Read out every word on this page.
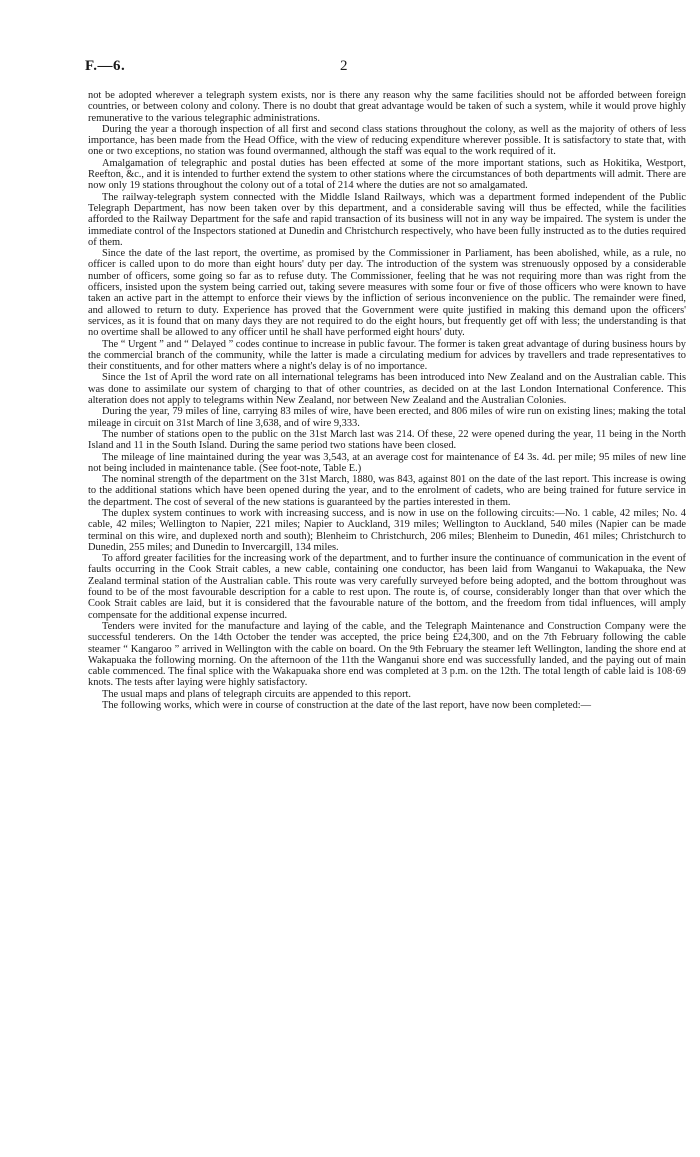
F.—6.	2

not be adopted wherever a telegraph system exists, nor is there any reason why the same facilities should not be afforded between foreign countries, or between colony and colony. There is no doubt that great advantage would be taken of such a system, while it would prove highly remunerative to the various telegraphic administrations.

During the year a thorough inspection of all first and second class stations throughout the colony, as well as the majority of others of less importance, has been made from the Head Office, with the view of reducing expenditure wherever possible. It is satisfactory to state that, with one or two exceptions, no station was found overmanned, although the staff was equal to the work required of it.

Amalgamation of telegraphic and postal duties has been effected at some of the more important stations, such as Hokitika, Westport, Reefton, &c., and it is intended to further extend the system to other stations where the circumstances of both departments will admit. There are now only 19 stations throughout the colony out of a total of 214 where the duties are not so amalgamated.

The railway-telegraph system connected with the Middle Island Railways, which was a department formed independent of the Public Telegraph Department, has now been taken over by this department, and a considerable saving will thus be effected, while the facilities afforded to the Railway Department for the safe and rapid transaction of its business will not in any way be impaired. The system is under the immediate control of the Inspectors stationed at Dunedin and Christchurch respectively, who have been fully instructed as to the duties required of them.

Since the date of the last report, the overtime, as promised by the Commissioner in Parliament, has been abolished, while, as a rule, no officer is called upon to do more than eight hours' duty per day. The introduction of the system was strenuously opposed by a considerable number of officers, some going so far as to refuse duty. The Commissioner, feeling that he was not requiring more than was right from the officers, insisted upon the system being carried out, taking severe measures with some four or five of those officers who were known to have taken an active part in the attempt to enforce their views by the infliction of serious inconvenience on the public. The remainder were fined, and allowed to return to duty. Experience has proved that the Government were quite justified in making this demand upon the officers' services, as it is found that on many days they are not required to do the eight hours, but frequently get off with less; the understanding is that no overtime shall be allowed to any officer until he shall have performed eight hours' duty.

The “ Urgent ” and “ Delayed ” codes continue to increase in public favour. The former is taken great advantage of during business hours by the commercial branch of the community, while the latter is made a circulating medium for advices by travellers and trade representatives to their constituents, and for other matters where a night's delay is of no importance.

Since the 1st of April the word rate on all international telegrams has been introduced into New Zealand and on the Australian cable. This was done to assimilate our system of charging to that of other countries, as decided on at the last London International Conference. This alteration does not apply to telegrams within New Zealand, nor between New Zealand and the Australian Colonies.

During the year, 79 miles of line, carrying 83 miles of wire, have been erected, and 806 miles of wire run on existing lines; making the total mileage in circuit on 31st March of line 3,638, and of wire 9,333.

The number of stations open to the public on the 31st March last was 214. Of these, 22 were opened during the year, 11 being in the North Island and 11 in the South Island. During the same period two stations have been closed.

The mileage of line maintained during the year was 3,543, at an average cost for maintenance of £4 3s. 4d. per mile; 95 miles of new line not being included in maintenance table. (See foot-note, Table E.)

The nominal strength of the department on the 31st March, 1880, was 843, against 801 on the date of the last report. This increase is owing to the additional stations which have been opened during the year, and to the enrolment of cadets, who are being trained for future service in the department. The cost of several of the new stations is guaranteed by the parties interested in them.

The duplex system continues to work with increasing success, and is now in use on the following circuits:—No. 1 cable, 42 miles; No. 4 cable, 42 miles; Wellington to Napier, 221 miles; Napier to Auckland, 319 miles; Wellington to Auckland, 540 miles (Napier can be made terminal on this wire, and duplexed north and south); Blenheim to Christchurch, 206 miles; Blenheim to Dunedin, 461 miles; Christchurch to Dunedin, 255 miles; and Dunedin to Invercargill, 134 miles.

To afford greater facilities for the increasing work of the department, and to further insure the continuance of communication in the event of faults occurring in the Cook Strait cables, a new cable, containing one conductor, has been laid from Wanganui to Wakapuaka, the New Zealand terminal station of the Australian cable. This route was very carefully surveyed before being adopted, and the bottom throughout was found to be of the most favourable description for a cable to rest upon. The route is, of course, considerably longer than that over which the Cook Strait cables are laid, but it is considered that the favourable nature of the bottom, and the freedom from tidal influences, will amply compensate for the additional expense incurred.

Tenders were invited for the manufacture and laying of the cable, and the Telegraph Maintenance and Construction Company were the successful tenderers. On the 14th October the tender was accepted, the price being £24,300, and on the 7th February following the cable steamer “ Kangaroo ” arrived in Wellington with the cable on board. On the 9th February the steamer left Wellington, landing the shore end at Wakapuaka the following morning. On the afternoon of the 11th the Wanganui shore end was successfully landed, and the paying out of main cable commenced. The final splice with the Wakapuaka shore end was completed at 3 p.m. on the 12th. The total length of cable laid is 108·69 knots. The tests after laying were highly satisfactory.

The usual maps and plans of telegraph circuits are appended to this report.

The following works, which were in course of construction at the date of the last report, have now been completed:—
